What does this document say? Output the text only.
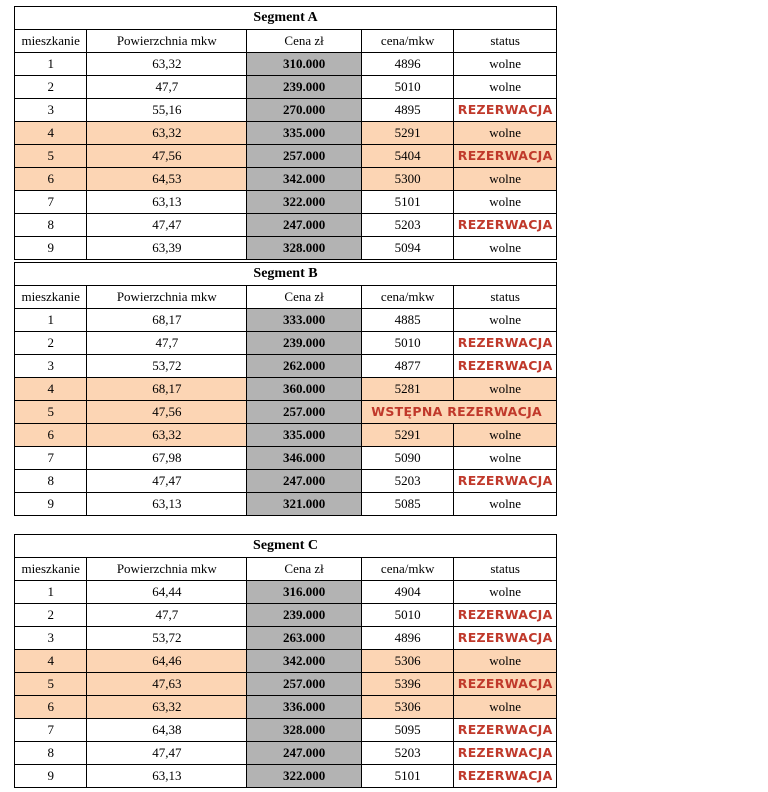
Segment A				
mieszkanie	Powierzchnia mkw	Cena zł	cena/mkw	status
1	63,32	310.000	4896	wolne
2	47,7	239.000	5010	wolne
3	55,16	270.000	4895	REZERWACJA
4	63,32	335.000	5291	wolne
5	47,56	257.000	5404	REZERWACJA
6	64,53	342.000	5300	wolne
7	63,13	322.000	5101	wolne
8	47,47	247.000	5203	REZERWACJA
9	63,39	328.000	5094	wolne
Segment B				
mieszkanie	Powierzchnia mkw	Cena zł	cena/mkw	status
1	68,17	333.000	4885	wolne
2	47,7	239.000	5010	REZERWACJA
3	53,72	262.000	4877	REZERWACJA
4	68,17	360.000	5281	wolne
5	47,56	257.000	WSTĘPNA REZERWACJA	
6	63,32	335.000	5291	wolne
7	67,98	346.000	5090	wolne
8	47,47	247.000	5203	REZERWACJA
9	63,13	321.000	5085	wolne
Segment C				
mieszkanie	Powierzchnia mkw	Cena zł	cena/mkw	status
1	64,44	316.000	4904	wolne
2	47,7	239.000	5010	REZERWACJA
3	53,72	263.000	4896	REZERWACJA
4	64,46	342.000	5306	wolne
5	47,63	257.000	5396	REZERWACJA
6	63,32	336.000	5306	wolne
7	64,38	328.000	5095	REZERWACJA
8	47,47	247.000	5203	REZERWACJA
9	63,13	322.000	5101	REZERWACJA
